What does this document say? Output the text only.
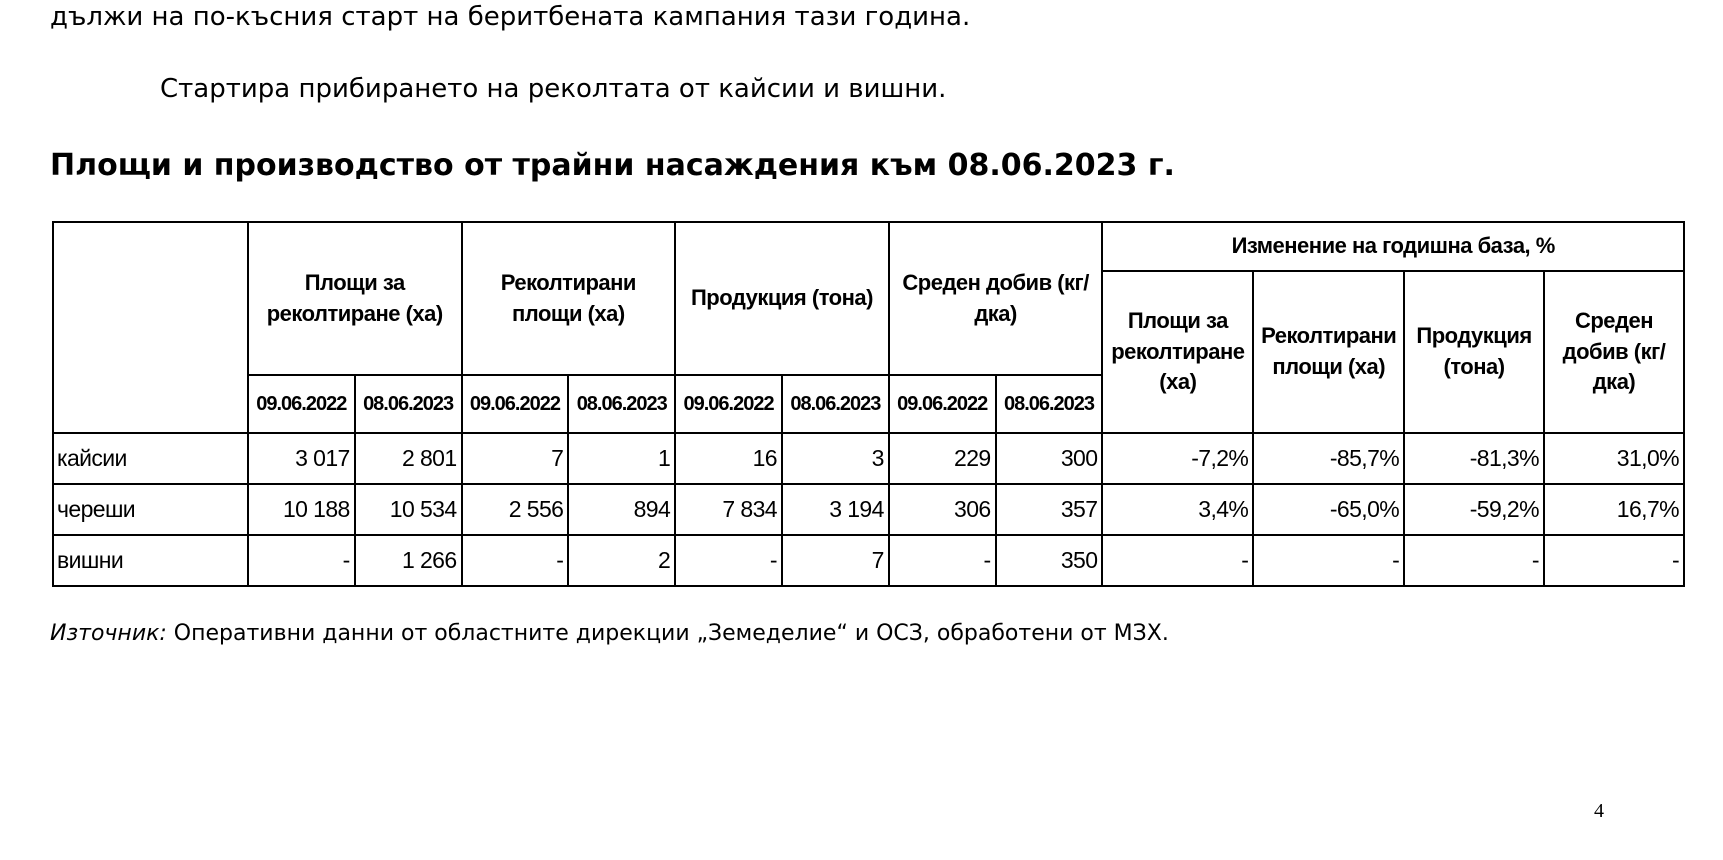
дължи на по-късния старт на беритбената кампания тази година.
Стартира прибирането на реколтата от кайсии и вишни.
Площи и производство от трайни насаждения към 08.06.2023 г.
	Площи за реколтиране (ха)		Реколтирани площи (ха)		Продукция (тона)		Среден добив (кг/дка)		Изменение на годишна база, %			
									Площи за реколтиране (ха)	Реколтирани площи (ха)	Продукция (тона)	Среден добив (кг/дка)
	09.06.2022	08.06.2023	09.06.2022	08.06.2023	09.06.2022	08.06.2023	09.06.2022	08.06.2023				
кайсии	3 017	2 801	7	1	16	3	229	300	-7,2%	-85,7%	-81,3%	31,0%
череши	10 188	10 534	2 556	894	7 834	3 194	306	357	3,4%	-65,0%	-59,2%	16,7%
вишни	-	1 266	-	2	-	7	-	350	-	-	-	-
Източник: Оперативни данни от областните дирекции „Земеделие“ и ОСЗ, обработени от МЗХ.
4
